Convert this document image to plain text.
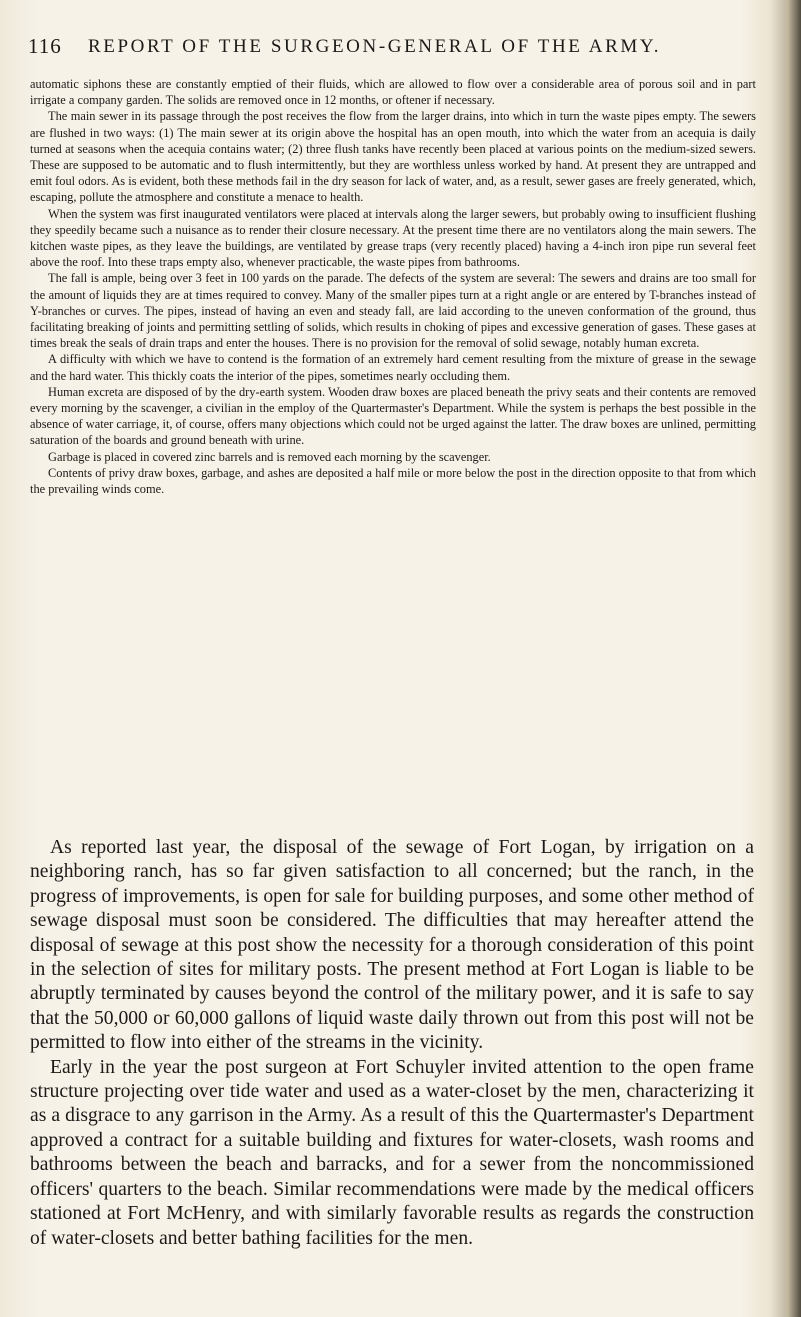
116 REPORT OF THE SURGEON-GENERAL OF THE ARMY.

automatic siphons these are constantly emptied of their fluids, which are allowed to flow over a considerable area of porous soil and in part irrigate a company garden. The solids are removed once in 12 months, or oftener if necessary.

The main sewer in its passage through the post receives the flow from the larger drains, into which in turn the waste pipes empty. The sewers are flushed in two ways: (1) The main sewer at its origin above the hospital has an open mouth, into which the water from an acequia is daily turned at seasons when the acequia contains water; (2) three flush tanks have recently been placed at various points on the medium-sized sewers. These are supposed to be automatic and to flush intermittently, but they are worthless unless worked by hand. At present they are untrapped and emit foul odors. As is evident, both these methods fail in the dry season for lack of water, and, as a result, sewer gases are freely generated, which, escaping, pollute the atmosphere and constitute a menace to health.

When the system was first inaugurated ventilators were placed at intervals along the larger sewers, but probably owing to insufficient flushing they speedily became such a nuisance as to render their closure necessary. At the present time there are no ventilators along the main sewers. The kitchen waste pipes, as they leave the buildings, are ventilated by grease traps (very recently placed) having a 4-inch iron pipe run several feet above the roof. Into these traps empty also, whenever practicable, the waste pipes from bathrooms.

The fall is ample, being over 3 feet in 100 yards on the parade. The defects of the system are several: The sewers and drains are too small for the amount of liquids they are at times required to convey. Many of the smaller pipes turn at a right angle or are entered by T-branches instead of Y-branches or curves. The pipes, instead of having an even and steady fall, are laid according to the uneven conformation of the ground, thus facilitating breaking of joints and permitting settling of solids, which results in choking of pipes and excessive generation of gases. These gases at times break the seals of drain traps and enter the houses. There is no provision for the removal of solid sewage, notably human excreta.

A difficulty with which we have to contend is the formation of an extremely hard cement resulting from the mixture of grease in the sewage and the hard water. This thickly coats the interior of the pipes, sometimes nearly occluding them.

Human excreta are disposed of by the dry-earth system. Wooden draw boxes are placed beneath the privy seats and their contents are removed every morning by the scavenger, a civilian in the employ of the Quartermaster's Department. While the system is perhaps the best possible in the absence of water carriage, it, of course, offers many objections which could not be urged against the latter. The draw boxes are unlined, permitting saturation of the boards and ground beneath with urine.

Garbage is placed in covered zinc barrels and is removed each morning by the scavenger.

Contents of privy draw boxes, garbage, and ashes are deposited a half mile or more below the post in the direction opposite to that from which the prevailing winds come.

As reported last year, the disposal of the sewage of Fort Logan, by irrigation on a neighboring ranch, has so far given satisfaction to all concerned; but the ranch, in the progress of improvements, is open for sale for building purposes, and some other method of sewage disposal must soon be considered. The difficulties that may hereafter attend the disposal of sewage at this post show the necessity for a thorough consideration of this point in the selection of sites for military posts. The present method at Fort Logan is liable to be abruptly terminated by causes beyond the control of the military power, and it is safe to say that the 50,000 or 60,000 gallons of liquid waste daily thrown out from this post will not be permitted to flow into either of the streams in the vicinity.

Early in the year the post surgeon at Fort Schuyler invited attention to the open frame structure projecting over tide water and used as a water-closet by the men, characterizing it as a disgrace to any garrison in the Army. As a result of this the Quartermaster's Department approved a contract for a suitable building and fixtures for water-closets, wash rooms and bathrooms between the beach and barracks, and for a sewer from the noncommissioned officers' quarters to the beach. Similar recommendations were made by the medical officers stationed at Fort McHenry, and with similarly favorable results as regards the construction of water-closets and better bathing facilities for the men.
